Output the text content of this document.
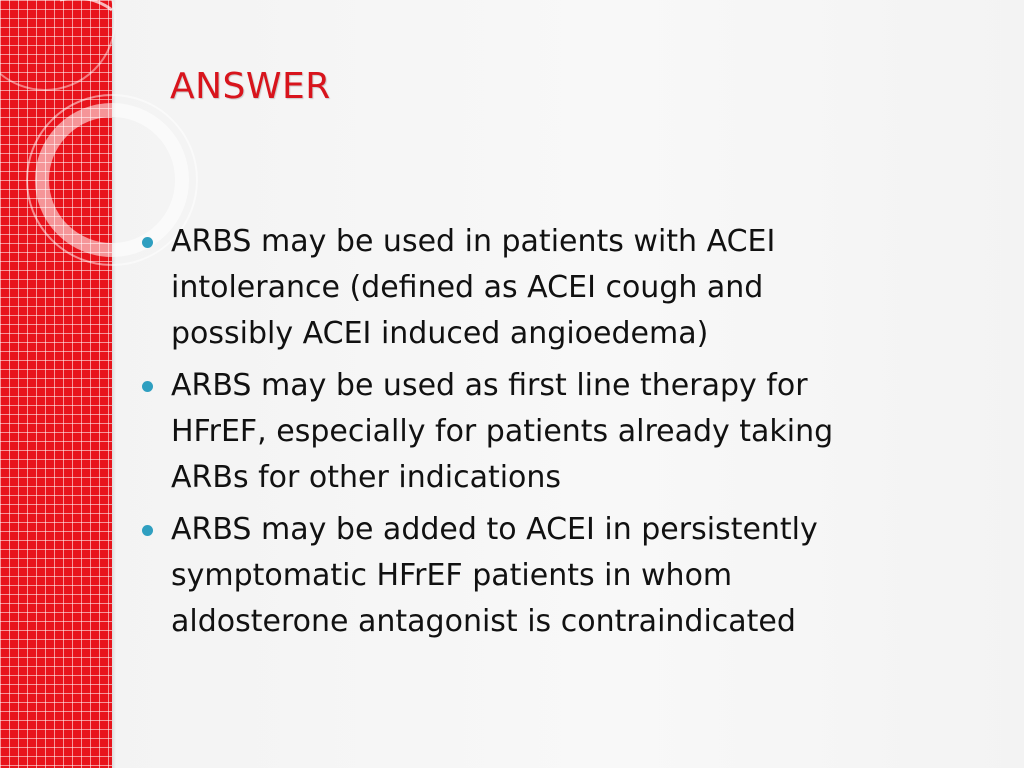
ANSWER
ARBS may be used in patients with ACEI
intolerance (defined as ACEI cough and
possibly ACEI induced angioedema)
ARBS may be used as first line therapy for
HFrEF, especially for patients already taking
ARBs for other indications
ARBS may be added to ACEI in persistently
symptomatic HFrEF patients in whom
aldosterone antagonist is contraindicated
